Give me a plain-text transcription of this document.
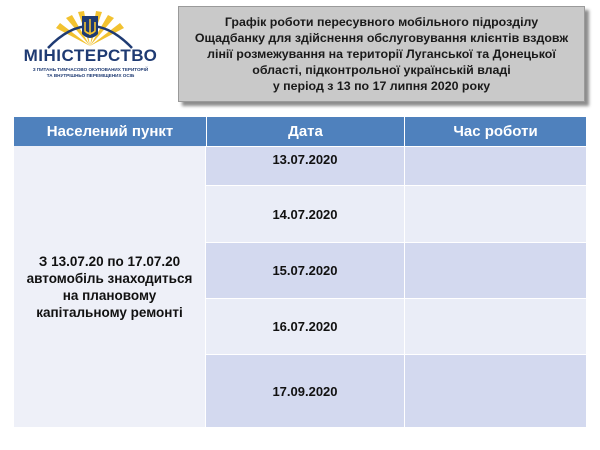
МІНІСТЕРСТВО
З ПИТАНЬ ТИМЧАСОВО ОКУПОВАНИХ ТЕРИТОРІЙ
ТА ВНУТРІШНЬО ПЕРЕМІЩЕНИХ ОСІБ
Графік роботи пересувного мобільного підрозділу
Ощадбанку для здійснення обслуговування клієнтів вздовж
лінії розмежування на території Луганської та Донецької
області, підконтрольної українській владі
у період з 13 по 17 липня 2020 року
Населений пункт	Дата	Час роботи
З 13.07.20 по 17.07.20
автомобіль знаходиться
на плановому
капітальному ремонті
13.07.2020
14.07.2020
15.07.2020
16.07.2020
17.09.2020
